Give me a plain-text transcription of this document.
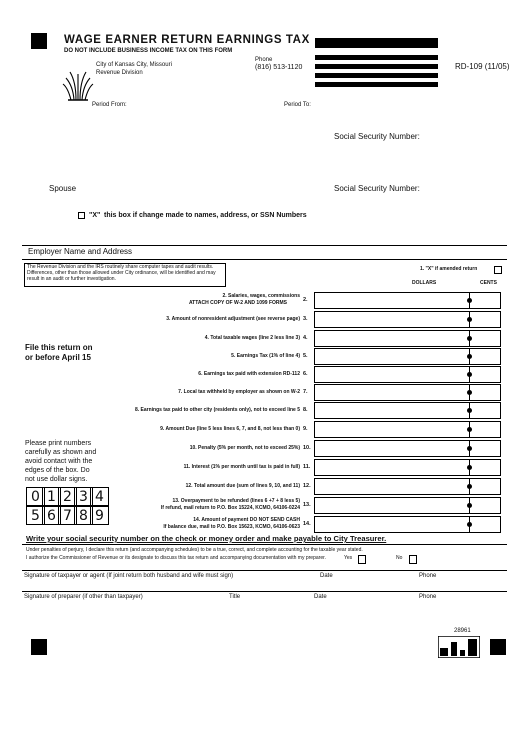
WAGE EARNER RETURN EARNINGS TAX
DO NOT INCLUDE BUSINESS INCOME TAX ON THIS FORM
City of Kansas City, Missouri
Revenue Division
Phone
(816) 513-1120	RD-109 (11/05)
Period From:	Period To:
Social Security Number:
Spouse	Social Security Number:
"X" this box if change made to names, address, or SSN Numbers
Employer Name and Address
The Revenue Division and the IRS routinely share computer tapes and audit results. Differences, other than those allowed under City ordinance, will be identified and may result in an audit or further investigation.
1. "X" if amended return
DOLLARS	CENTS
2. Salaries, wages, commissions
ATTACH COPY OF W-2 AND 1099 FORMS	2.
3. Amount of nonresident adjustment (see reverse page) 3.
4. Total taxable wages (line 2 less line 3) 4.
5. Earnings Tax (1% of line 4) 5.
6. Earnings tax paid with extension RD-112 6.
7. Local tax withheld by employer as shown on W-2 7.
8. Earnings tax paid to other city (residents only), not to exceed line 5 8.
9. Amount Due (line 5 less lines 6, 7, and 8, not less than 0) 9.
10. Penalty (5% per month, not to exceed 25%) 10.
11. Interest (1% per month until tax is paid in full) 11.
12. Total amount due (sum of lines 9, 10, and 11) 12.
13. Overpayment to be refunded (lines 6 +7 + 8 less 5)
If refund, mail return to P.O. Box 15224, KCMO, 64106-0224 13.
14. Amount of payment DO NOT SEND CASH
If balance due, mail to P.O. Box 15623, KCMO, 64106-0623 14.
File this return on
or before April 15
Please print numbers
carefully as shown and
avoid contact with the
edges of the box. Do
not use dollar signs.
0 1 2 3 4
5 6 7 8 9
Write your social security number on the check or money order and make payable to City Treasurer.
Under penalties of perjury, I declare this return (and accompanying schedules) to be a true, correct, and complete accounting for the taxable year stated.
I authorize the Commissioner of Revenue or its designate to discuss this tax return and accompanying documentation with my preparer.	Yes	No
Signature of taxpayer or agent (If joint return both husband and wife must sign)	Date	Phone
Signature of preparer (if other than taxpayer)	Title	Date	Phone
28961
